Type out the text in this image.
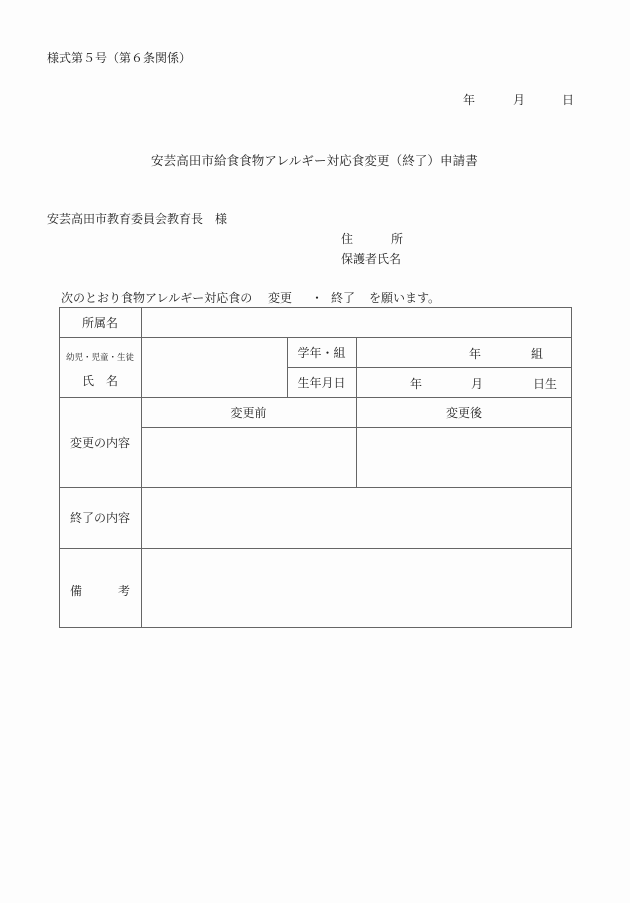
様式第５号（第６条関係）
年	月	日
安芸高田市給食食物アレルギー対応食変更（終了）申請書
安芸高田市教育委員会教育長　様
住	所
保護者氏名
次のとおり食物アレルギー対応食の 変更 ・ 終了 を願います。
所属名
幼児・児童・生徒
氏 名
学年・組	年	組
生年月日	年	月	日生
変更の内容
変更前	変更後
終了の内容
備	考
